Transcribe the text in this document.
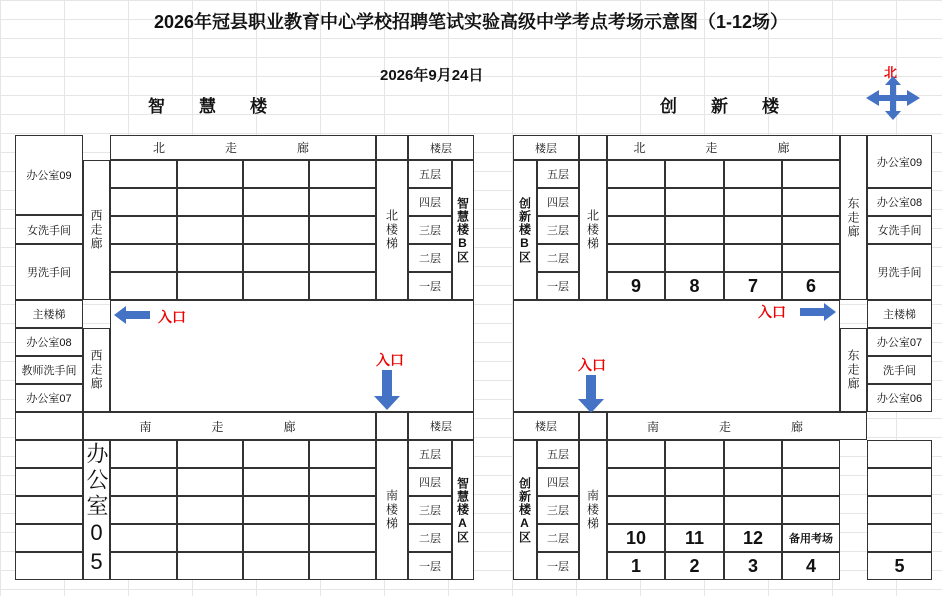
2026年冠县职业教育中心学校招聘笔试实验高级中学考点考场示意图（1-12场）
2026年9月24日
智　　慧　　楼	创　　新　　楼
北
办公室09
女洗手间
男洗手间
主楼梯
办公室08
教师洗手间
办公室07
西走廊
西走廊
北　走　廊
北楼梯
楼层
五层
四层
三层
二层
一层
智慧楼B区
入口
入口
办公室05
南　走　廊
南楼梯
楼层
五层
四层
三层
二层
一层
智慧楼A区
楼层
创新楼B区
五层
四层
三层
二层
一层
北楼梯
北　走　廊
9	8	7	6
东走廊
东走廊
办公室09
办公室08
女洗手间
男洗手间
主楼梯
办公室07
洗手间
办公室06
入口
入口
楼层
创新楼A区
五层
四层
三层
二层
一层
南楼梯
南　走　廊
10	11	12	备用考场
1	2	3	4	5
